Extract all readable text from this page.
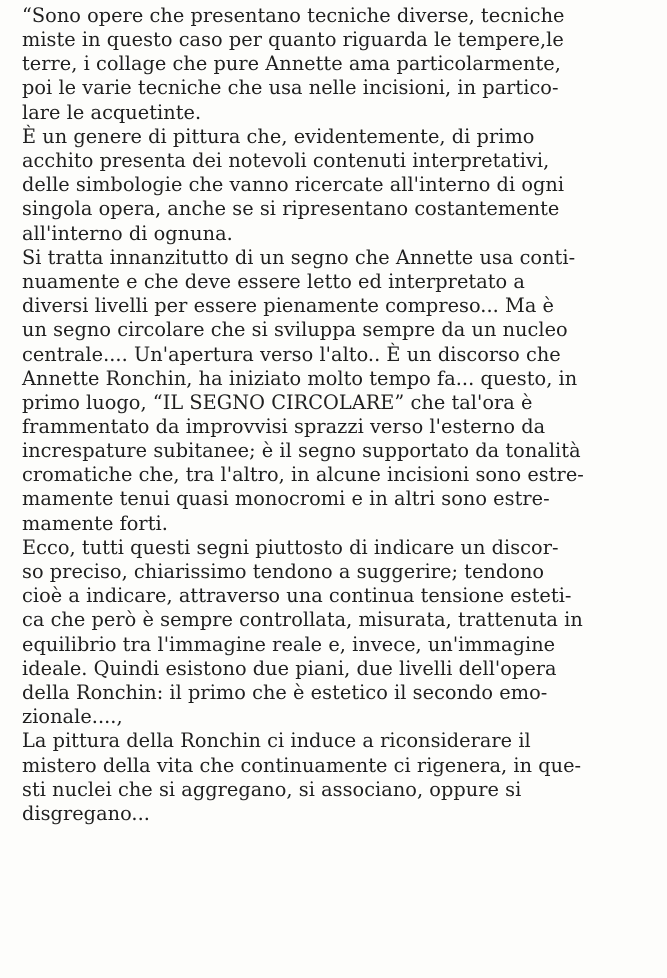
“Sono opere che presentano tecniche diverse, tecniche
miste in questo caso per quanto riguarda le tempere,le
terre, i collage che pure Annette ama particolarmente,
poi le varie tecniche che usa nelle incisioni, in partico-
lare le acquetinte.
È un genere di pittura che, evidentemente, di primo
acchito presenta dei notevoli contenuti interpretativi,
delle simbologie che vanno ricercate all'interno di ogni
singola opera, anche se si ripresentano costantemente
all'interno di ognuna.
Si tratta innanzitutto di un segno che Annette usa conti-
nuamente e che deve essere letto ed interpretato a
diversi livelli per essere pienamente compreso... Ma è
un segno circolare che si sviluppa sempre da un nucleo
centrale.... Un'apertura verso l'alto.. È un discorso che
Annette Ronchin, ha iniziato molto tempo fa... questo, in
primo luogo, “IL SEGNO CIRCOLARE” che tal'ora è
frammentato da improvvisi sprazzi verso l'esterno da
increspature subitanee; è il segno supportato da tonalità
cromatiche che, tra l'altro, in alcune incisioni sono estre-
mamente tenui quasi monocromi e in altri sono estre-
mamente forti.
Ecco, tutti questi segni piuttosto di indicare un discor-
so preciso, chiarissimo tendono a suggerire; tendono
cioè a indicare, attraverso una continua tensione esteti-
ca che però è sempre controllata, misurata, trattenuta in
equilibrio tra l'immagine reale e, invece, un'immagine
ideale. Quindi esistono due piani, due livelli dell'opera
della Ronchin: il primo che è estetico il secondo emo-
zionale....,
La pittura della Ronchin ci induce a riconsiderare il
mistero della vita che continuamente ci rigenera, in que-
sti nuclei che si aggregano, si associano, oppure si
disgregano...
